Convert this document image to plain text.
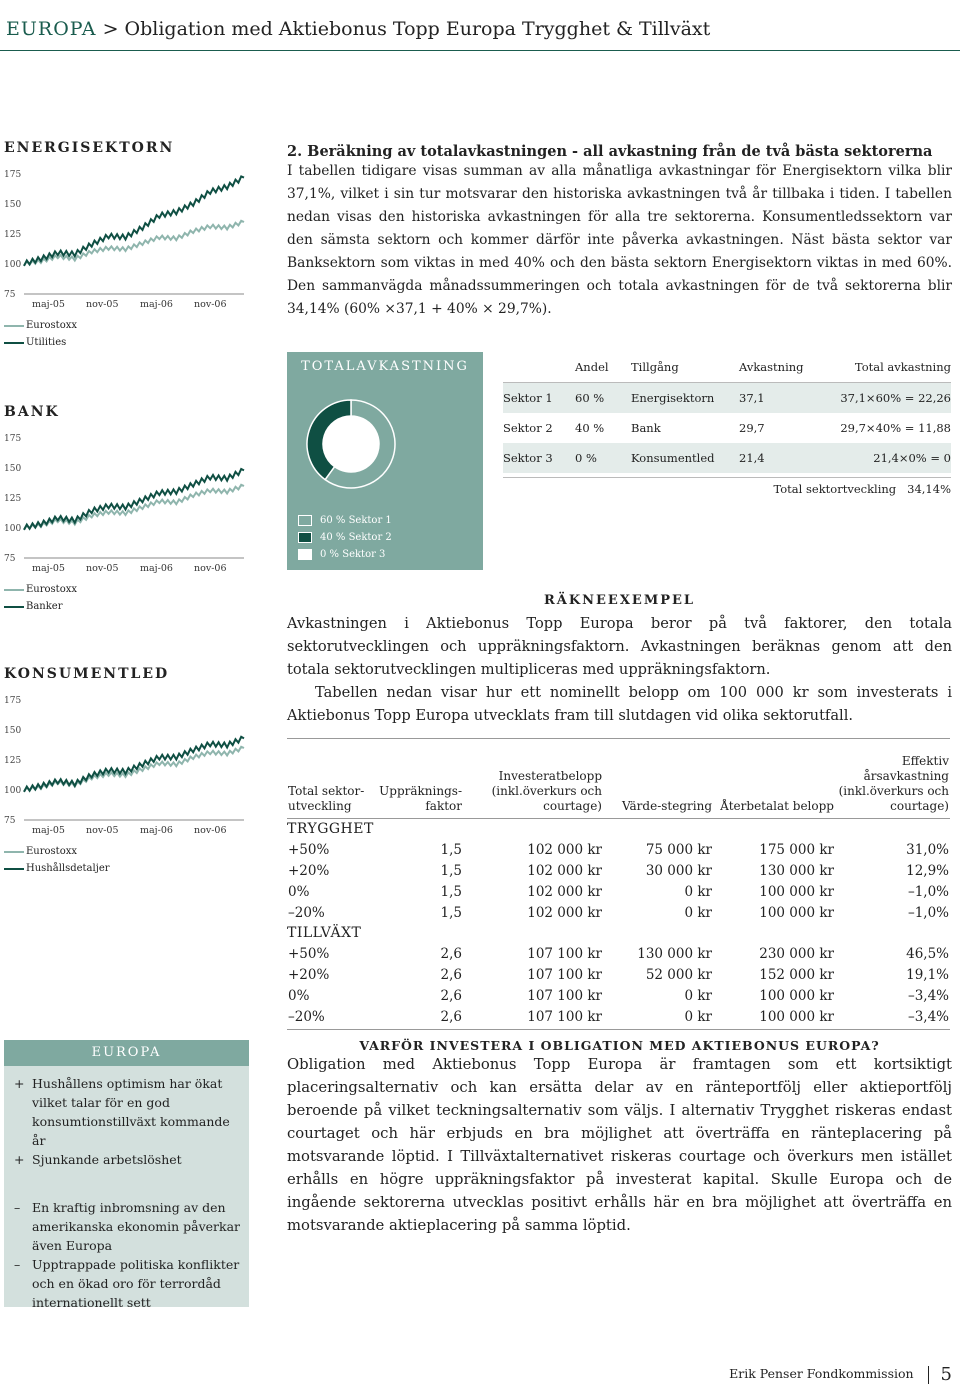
EUROPA > Obligation med Aktiebonus Topp Europa Trygghet & Tillväxt
ENERGISEKTORN
175
150
125
100
75
maj-05 nov-05 maj-06 nov-06
Eurostoxx
Utilities
BANK
175
150
125
100
75
maj-05 nov-05 maj-06 nov-06
Eurostoxx
Banker
KONSUMENTLED
175
150
125
100
75
maj-05 nov-05 maj-06 nov-06
Eurostoxx
Hushållsdetaljer

2. Beräkning av totalavkastningen - all avkastning från de två bästa sektorerna

I tabellen tidigare visas summan av alla månatliga avkastningar för Energisektorn vilka blir 37,1%, vilket i sin tur motsvarar den historiska avkastningen två år tillbaka i tiden. I tabellen nedan visas den historiska avkastningen för alla tre sektorerna. Konsumentledssektorn var den sämsta sektorn och kommer därför inte påverka avkastningen. Näst bästa sektor var Banksektorn som viktas in med 40% och den bästa sektorn Energisektorn viktas in med 60%. Den sammanvägda månadssummeringen och totala avkastningen för de två sektorerna blir 34,14% (60% ×37,1 + 40% × 29,7%).

TOTALAVKASTNING
60 % Sektor 1
40 % Sektor 2
0 % Sektor 3
	Andel	Tillgång	Avkastning	Total avkastning
Sektor 1	60 %	Energisektorn	37,1	37,1×60% = 22,26
Sektor 2	40 %	Bank	29,7	29,7×40% = 11,88
Sektor 3	0 %	Konsumentled	21,4	21,4×0% = 0
Total sektortveckling 34,14%
RÄKNEEXEMPEL

Avkastningen i Aktiebonus Topp Europa beror på två faktorer, den totala sektorutvecklingen och uppräkningsfaktorn. Avkastningen beräknas genom att den totala sektorutvecklingen multipliceras med uppräkningsfaktorn.

Tabellen nedan visar hur ett nominellt belopp om 100 000 kr som investerats i Aktiebonus Topp Europa utvecklats fram till slutdagen vid olika sektorutfall.

Total sektor-utveckling	Uppräknings-faktor	Investeratbelopp (inkl.överkurs och courtage)	Värde-stegring	Återbetalat belopp	Effektiv årsavkastning (inkl.överkurs och courtage)
TRYGGHET					
+50%	1,5	102 000 kr	75 000 kr	175 000 kr	31,0%
+20%	1,5	102 000 kr	30 000 kr	130 000 kr	12,9%
0%	1,5	102 000 kr	0 kr	100 000 kr	–1,0%
–20%	1,5	102 000 kr	0 kr	100 000 kr	–1,0%
TILLVÄXT					
+50%	2,6	107 100 kr	130 000 kr	230 000 kr	46,5%
+20%	2,6	107 100 kr	52 000 kr	152 000 kr	19,1%
0%	2,6	107 100 kr	0 kr	100 000 kr	–3,4%
–20%	2,6	107 100 kr	0 kr	100 000 kr	–3,4%
EUROPA
+ Hushållens optimism har ökat vilket talar för en god konsumtionstillväxt kommande år
+ Sjunkande arbetslöshet
– En kraftig inbromsning av den amerikanska ekonomin påverkar även Europa
– Upptrappade politiska konflikter och en ökad oro för terrordåd internationellt sett
VARFÖR INVESTERA I OBLIGATION MED AKTIEBONUS EUROPA?

Obligation med Aktiebonus Topp Europa är framtagen som ett kortsiktigt placeringsalternativ och kan ersätta delar av en ränteportfölj eller aktieportfölj beroende på vilket teckningsalternativ som väljs. I alternativ Trygghet riskeras endast courtaget och här erbjuds en bra möjlighet att överträffa en ränteplacering på motsvarande löptid. I Tillväxtalternativet riskeras courtage och överkurs men istället erhålls en högre uppräkningsfaktor på investerat kapital. Skulle Europa och de ingående sektorerna utvecklas positivt erhålls här en bra möjlighet att överträffa en motsvarande aktieplacering på samma löptid.

Erik Penser Fondkommission 5
